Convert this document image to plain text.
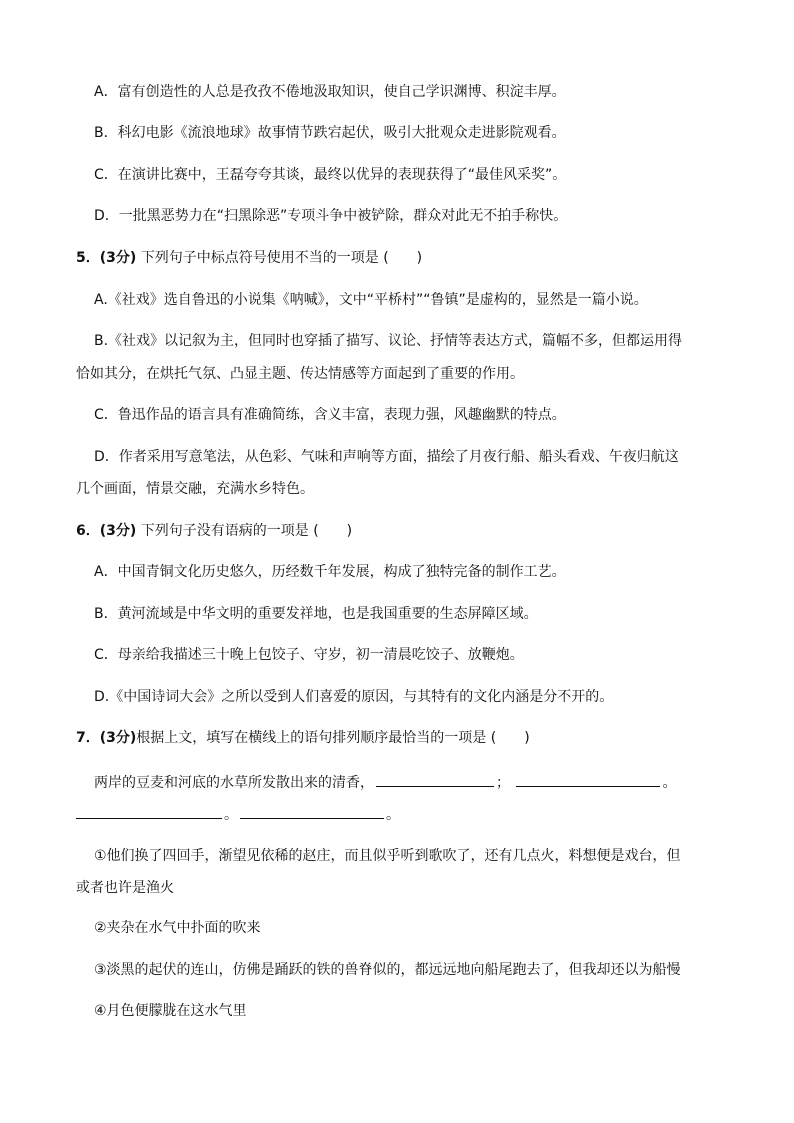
A．富有创造性的人总是孜孜不倦地汲取知识，使自己学识渊博、积淀丰厚。
B．科幻电影《流浪地球》故事情节跌宕起伏，吸引大批观众走进影院观看。
C．在演讲比赛中，王磊夸夸其谈，最终以优异的表现获得了“最佳风采奖”。
D．一批黑恶势力在“扫黑除恶”专项斗争中被铲除，群众对此无不拍手称快。
5．(3分) 下列句子中标点符号使用不当的一项是 (　　)
A.《社戏》选自鲁迅的小说集《呐喊》，文中“平桥村”“鲁镇”是虚构的，显然是一篇小说。
B.《社戏》以记叙为主，但同时也穿插了描写、议论、抒情等表达方式，篇幅不多，但都运用得
恰如其分，在烘托气氛、凸显主题、传达情感等方面起到了重要的作用。
C．鲁迅作品的语言具有准确简练，含义丰富，表现力强，风趣幽默的特点。
D．作者采用写意笔法，从色彩、气味和声响等方面，描绘了月夜行船、船头看戏、午夜归航这
几个画面，情景交融，充满水乡特色。
6．(3分) 下列句子没有语病的一项是 (　　)
A．中国青铜文化历史悠久，历经数千年发展，构成了独特完备的制作工艺。
B．黄河流域是中华文明的重要发祥地，也是我国重要的生态屏障区域。
C．母亲给我描述三十晚上包饺子、守岁，初一清晨吃饺子、放鞭炮。
D.《中国诗词大会》之所以受到人们喜爱的原因，与其特有的文化内涵是分不开的。
7．(3分)根据上文，填写在横线上的语句排列顺序最恰当的一项是 (　　)
两岸的豆麦和河底的水草所发散出来的清香，	；	。
。	。
①他们换了四回手，渐望见依稀的赵庄，而且似乎听到歌吹了，还有几点火，料想便是戏台，但
或者也许是渔火
②夹杂在水气中扑面的吹来
③淡黑的起伏的连山，仿佛是踊跃的铁的兽脊似的，都远远地向船尾跑去了，但我却还以为船慢
④月色便朦胧在这水气里
